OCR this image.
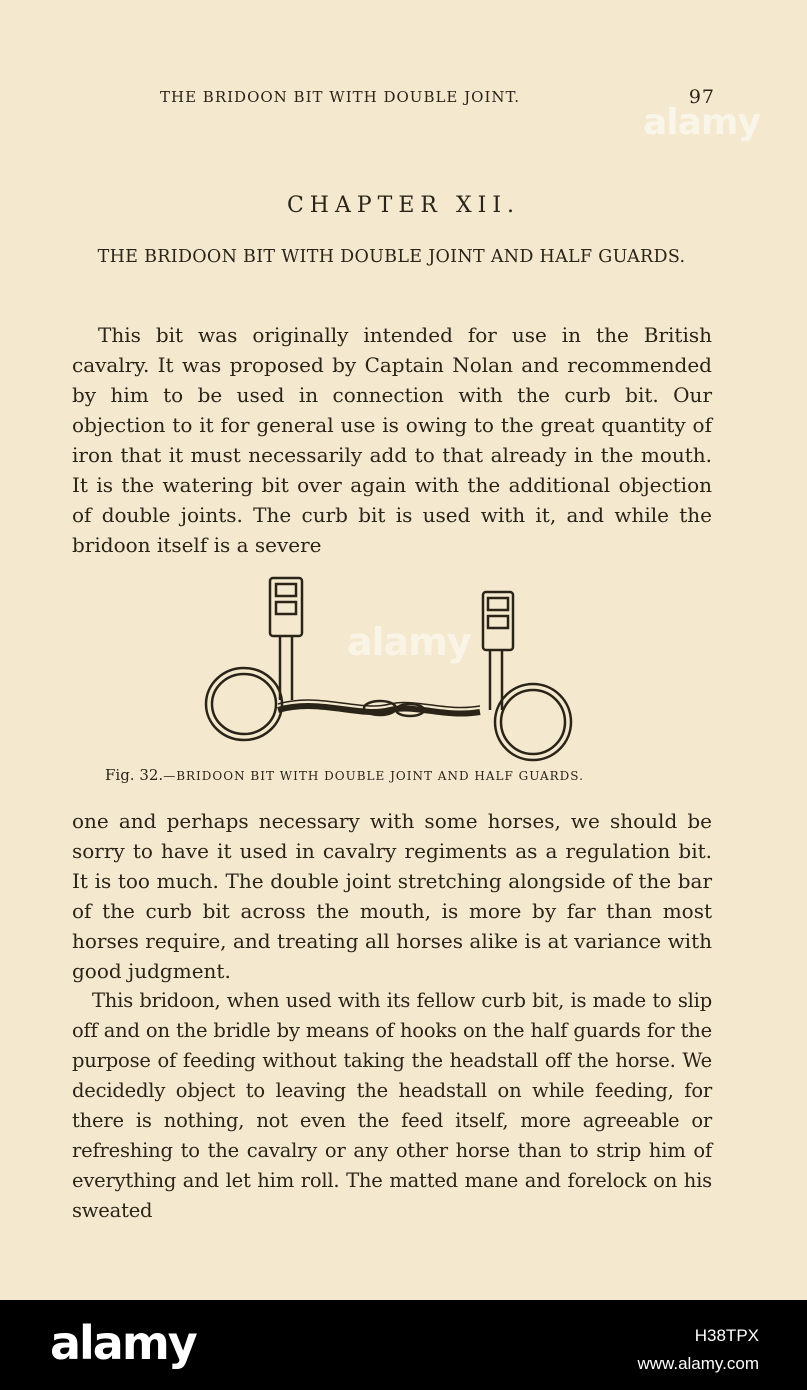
THE BRIDOON BIT WITH DOUBLE JOINT.	97
CHAPTER XII.
THE BRIDOON BIT WITH DOUBLE JOINT AND HALF GUARDS.

This bit was originally intended for use in the British cavalry. It was proposed by Captain Nolan and recommended by him to be used in connection with the curb bit. Our objection to it for general use is owing to the great quantity of iron that it must necessarily add to that already in the mouth. It is the watering bit over again with the additional objection of double joints. The curb bit is used with it, and while the bridoon itself is a severe

Fig. 32.—BRIDOON BIT WITH DOUBLE JOINT AND HALF GUARDS.

one and perhaps necessary with some horses, we should be sorry to have it used in cavalry regiments as a regulation bit. It is too much. The double joint stretching alongside of the bar of the curb bit across the mouth, is more by far than most horses require, and treating all horses alike is at variance with good judgment.

This bridoon, when used with its fellow curb bit, is made to slip off and on the bridle by means of hooks on the half guards for the purpose of feeding without taking the headstall off the horse. We decidedly object to leaving the headstall on while feeding, for there is nothing, not even the feed itself, more agreeable or refreshing to the cavalry or any other horse than to strip him of everything and let him roll. The matted mane and forelock on his sweated

alamy
alamy
alamy	H38TPX
www.alamy.com
